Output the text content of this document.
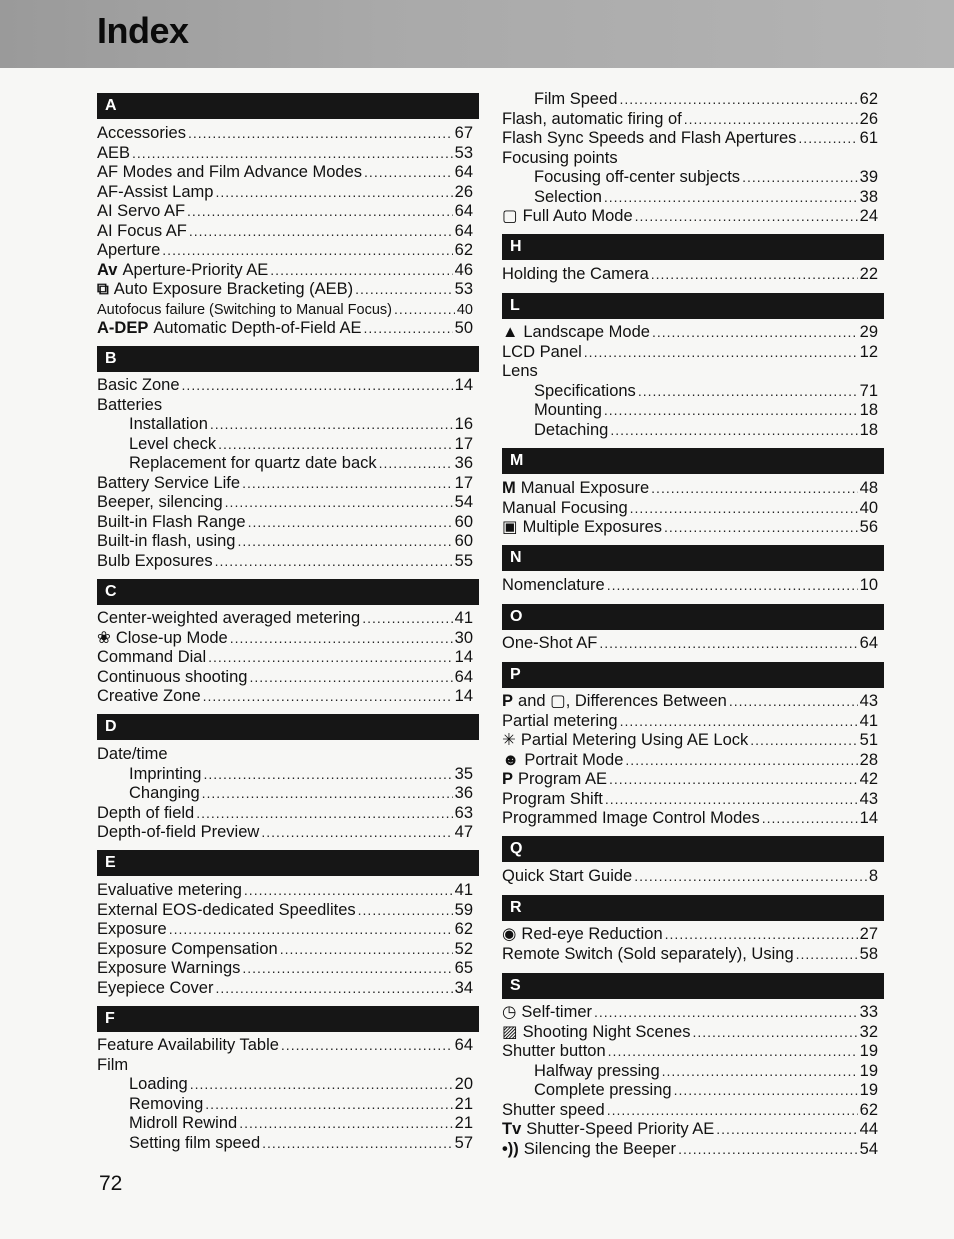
Index
A
Accessories .....	67
AEB .....	53
AF Modes and Film Advance Modes .....	64
AF-Assist Lamp .....	26
AI Servo AF .....	64
AI Focus AF .....	64
Aperture .....	62
Av Aperture-Priority AE .....	46
⧉ Auto Exposure Bracketing (AEB) .....	53
Autofocus failure (Switching to Manual Focus) .....	40
A-DEP Automatic Depth-of-Field AE .....	50
B
Basic Zone .....	14
Batteries
Installation .....	16
Level check .....	17
Replacement for quartz date back .....	36
Battery Service Life .....	17
Beeper, silencing .....	54
Built-in Flash Range .....	60
Built-in flash, using .....	60
Bulb Exposures .....	55
C
Center-weighted averaged metering .....	41
❀ Close-up Mode .....	30
Command Dial .....	14
Continuous shooting .....	64
Creative Zone .....	14
D
Date/time
Imprinting .....	35
Changing .....	36
Depth of field .....	63
Depth-of-field Preview .....	47
E
Evaluative metering .....	41
External EOS-dedicated Speedlites .....	59
Exposure .....	62
Exposure Compensation .....	52
Exposure Warnings .....	65
Eyepiece Cover .....	34
F
Feature Availability Table .....	64
Film
Loading .....	20
Removing .....	21
Midroll Rewind .....	21
Setting film speed .....	57
Film Speed .....	62
Flash, automatic firing of .....	26
Flash Sync Speeds and Flash Apertures .....	61
Focusing points
Focusing off-center subjects .....	39
Selection .....	38
▢ Full Auto Mode .....	24
H
Holding the Camera .....	22
L
▲ Landscape Mode .....	29
LCD Panel .....	12
Lens
Specifications .....	71
Mounting .....	18
Detaching .....	18
M
M Manual Exposure .....	48
Manual Focusing .....	40
▣ Multiple Exposures .....	56
N
Nomenclature .....	10
O
One-Shot AF .....	64
P
P and ▢, Differences Between .....	43
Partial metering .....	41
✳ Partial Metering Using AE Lock .....	51
☻ Portrait Mode .....	28
P Program AE .....	42
Program Shift .....	43
Programmed Image Control Modes .....	14
Q
Quick Start Guide .....	8
R
◉ Red-eye Reduction .....	27
Remote Switch (Sold separately), Using .....	58
S
◷ Self-timer .....	33
▨ Shooting Night Scenes .....	32
Shutter button .....	19
Halfway pressing .....	19
Complete pressing .....	19
Shutter speed .....	62
Tv Shutter-Speed Priority AE .....	44
•)) Silencing the Beeper .....	54
72
